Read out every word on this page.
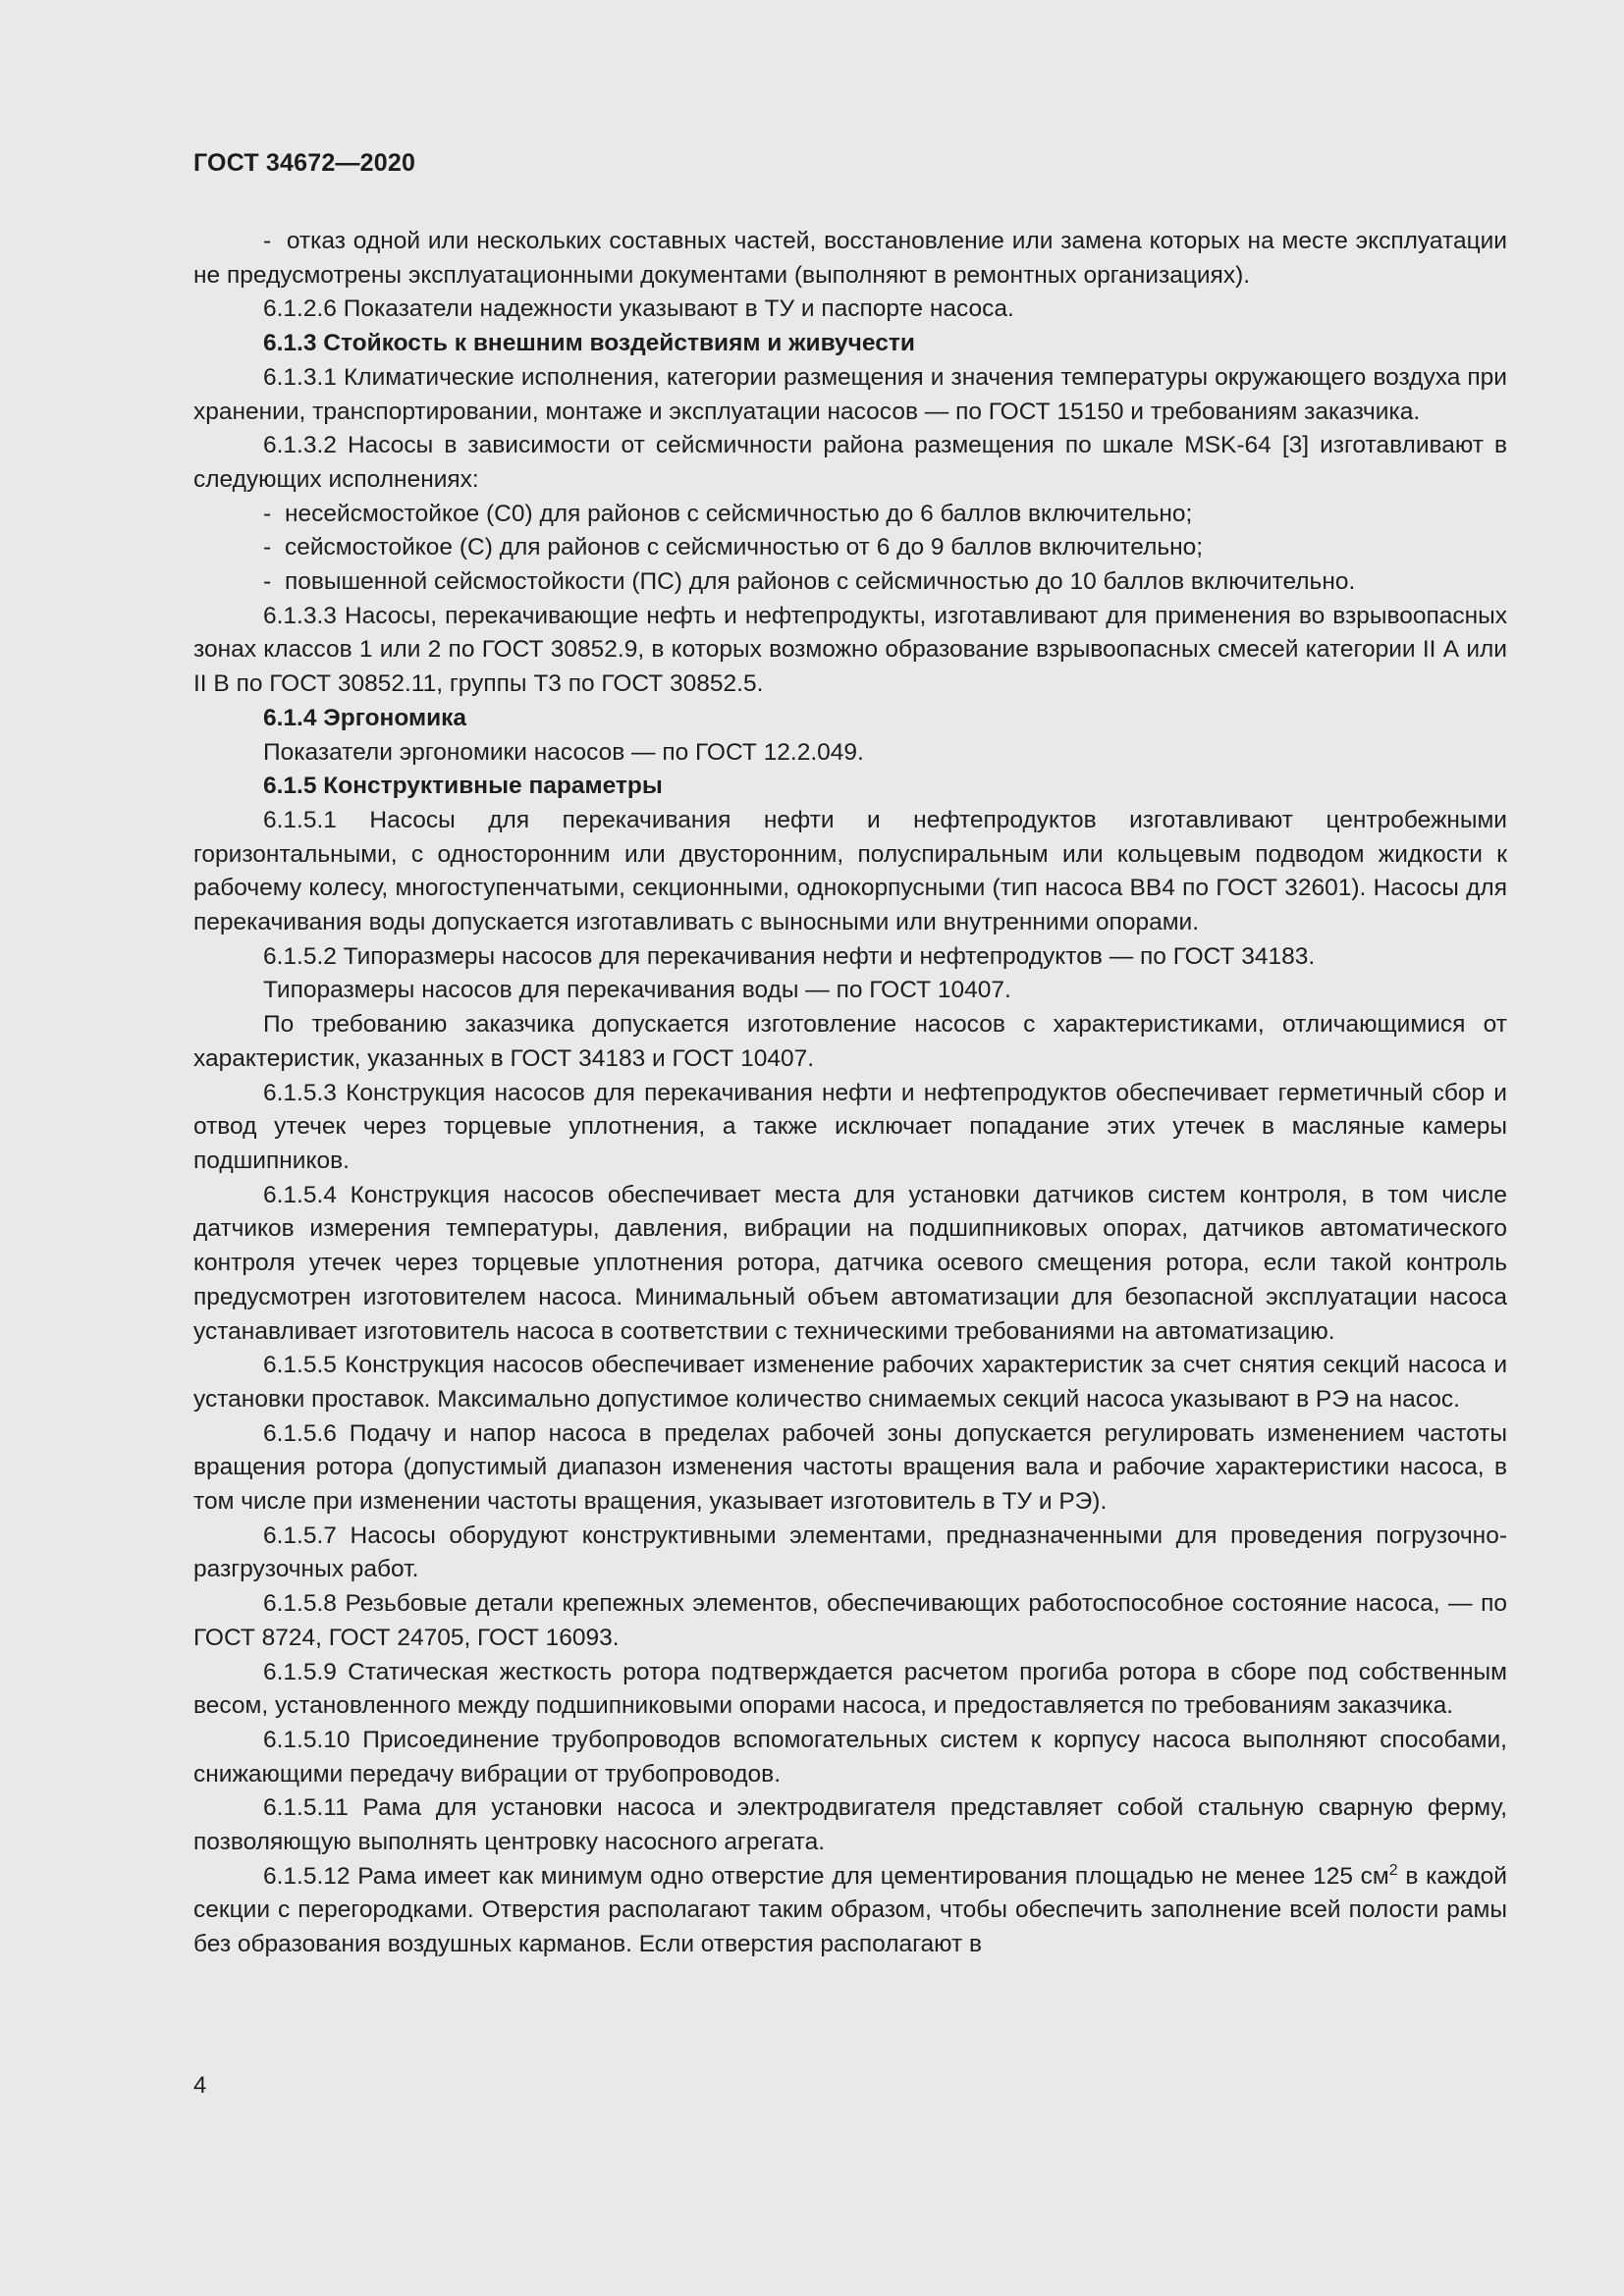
ГОСТ 34672—2020

-  отказ одной или нескольких составных частей, восстановление или замена которых на месте эксплуатации не предусмотрены эксплуатационными документами (выполняют в ремонтных организациях).

6.1.2.6 Показатели надежности указывают в ТУ и паспорте насоса.

6.1.3 Стойкость к внешним воздействиям и живучести

6.1.3.1 Климатические исполнения, категории размещения и значения температуры окружающего воздуха при хранении, транспортировании, монтаже и эксплуатации насосов — по ГОСТ 15150 и требованиям заказчика.

6.1.3.2 Насосы в зависимости от сейсмичности района размещения по шкале MSK-64 [3] изготавливают в следующих исполнениях:

- несейсмостойкое (С0) для районов с сейсмичностью до 6 баллов включительно;

- сейсмостойкое (С) для районов с сейсмичностью от 6 до 9 баллов включительно;

- повышенной сейсмостойкости (ПС) для районов с сейсмичностью до 10 баллов включительно.

6.1.3.3 Насосы, перекачивающие нефть и нефтепродукты, изготавливают для применения во взрывоопасных зонах классов 1 или 2 по ГОСТ 30852.9, в которых возможно образование взрывоопасных смесей категории II А или II В по ГОСТ 30852.11, группы Т3 по ГОСТ 30852.5.

6.1.4 Эргономика

Показатели эргономики насосов — по ГОСТ 12.2.049.

6.1.5 Конструктивные параметры

6.1.5.1 Насосы для перекачивания нефти и нефтепродуктов изготавливают центробежными горизонтальными, с односторонним или двусторонним, полуспиральным или кольцевым подводом жидкости к рабочему колесу, многоступенчатыми, секционными, однокорпусными (тип насоса ВВ4 по ГОСТ 32601). Насосы для перекачивания воды допускается изготавливать с выносными или внутренними опорами.

6.1.5.2 Типоразмеры насосов для перекачивания нефти и нефтепродуктов — по ГОСТ 34183.

Типоразмеры насосов для перекачивания воды — по ГОСТ 10407.

По требованию заказчика допускается изготовление насосов с характеристиками, отличающимися от характеристик, указанных в ГОСТ 34183 и ГОСТ 10407.

6.1.5.3 Конструкция насосов для перекачивания нефти и нефтепродуктов обеспечивает герметичный сбор и отвод утечек через торцевые уплотнения, а также исключает попадание этих утечек в масляные камеры подшипников.

6.1.5.4 Конструкция насосов обеспечивает места для установки датчиков систем контроля, в том числе датчиков измерения температуры, давления, вибрации на подшипниковых опорах, датчиков автоматического контроля утечек через торцевые уплотнения ротора, датчика осевого смещения ротора, если такой контроль предусмотрен изготовителем насоса. Минимальный объем автоматизации для безопасной эксплуатации насоса устанавливает изготовитель насоса в соответствии с техническими требованиями на автоматизацию.

6.1.5.5 Конструкция насосов обеспечивает изменение рабочих характеристик за счет снятия секций насоса и установки проставок. Максимально допустимое количество снимаемых секций насоса указывают в РЭ на насос.

6.1.5.6 Подачу и напор насоса в пределах рабочей зоны допускается регулировать изменением частоты вращения ротора (допустимый диапазон изменения частоты вращения вала и рабочие характеристики насоса, в том числе при изменении частоты вращения, указывает изготовитель в ТУ и РЭ).

6.1.5.7 Насосы оборудуют конструктивными элементами, предназначенными для проведения погрузочно-разгрузочных работ.

6.1.5.8 Резьбовые детали крепежных элементов, обеспечивающих работоспособное состояние насоса, — по ГОСТ 8724, ГОСТ 24705, ГОСТ 16093.

6.1.5.9 Статическая жесткость ротора подтверждается расчетом прогиба ротора в сборе под собственным весом, установленного между подшипниковыми опорами насоса, и предоставляется по требованиям заказчика.

6.1.5.10 Присоединение трубопроводов вспомогательных систем к корпусу насоса выполняют способами, снижающими передачу вибрации от трубопроводов.

6.1.5.11 Рама для установки насоса и электродвигателя представляет собой стальную сварную ферму, позволяющую выполнять центровку насосного агрегата.

6.1.5.12 Рама имеет как минимум одно отверстие для цементирования площадью не менее 125 $см^2$ в каждой секции с перегородками. Отверстия располагают таким образом, чтобы обеспечить заполнение всей полости рамы без образования воздушных карманов. Если отверстия располагают в

4
